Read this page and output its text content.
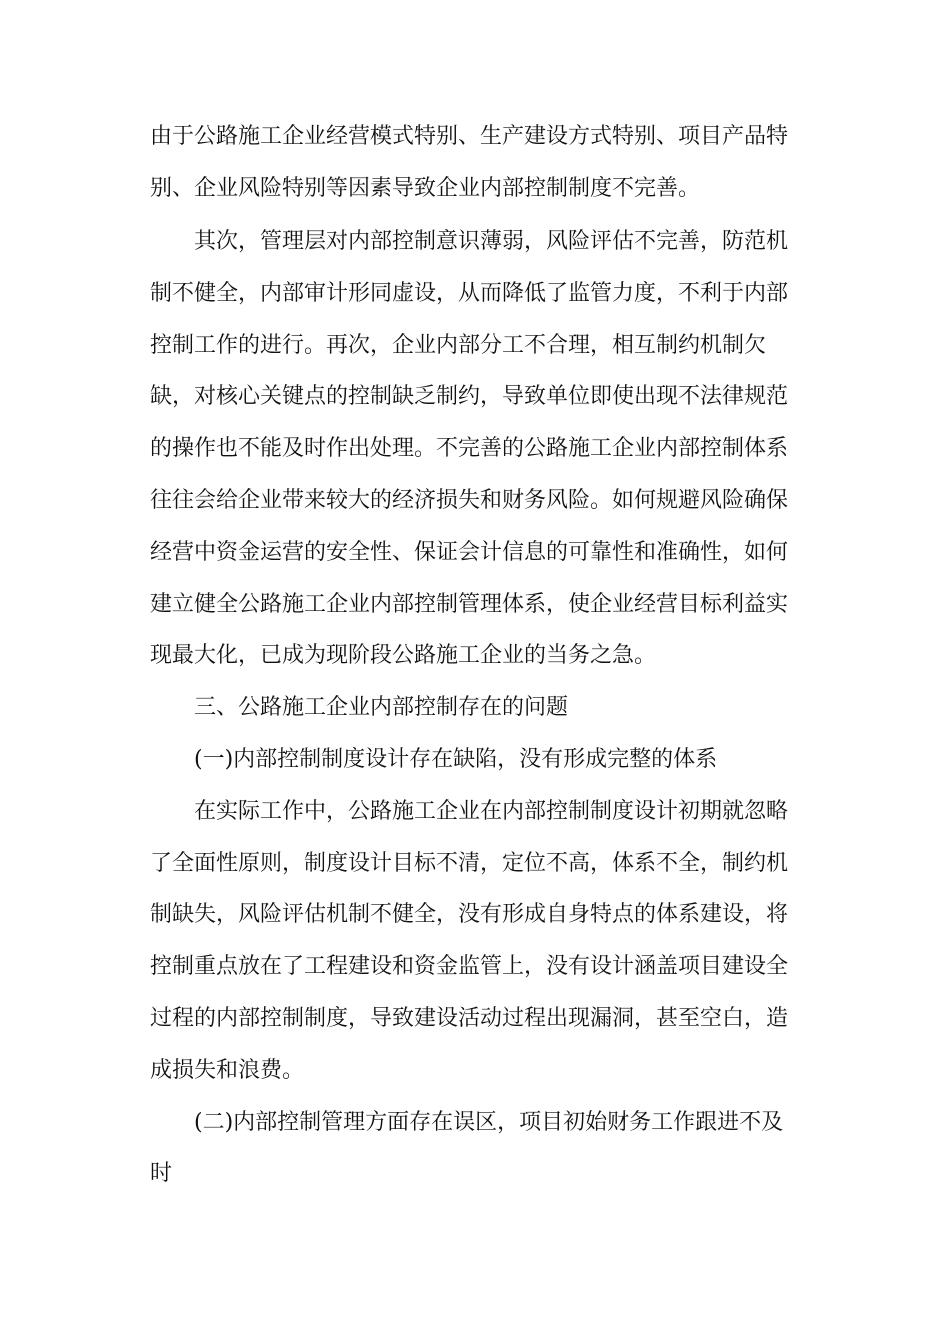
由于公路施工企业经营模式特别、生产建设方式特别、项目产品特

别、企业风险特别等因素导致企业内部控制制度不完善。

其次，管理层对内部控制意识薄弱，风险评估不完善，防范机

制不健全，内部审计形同虚设，从而降低了监管力度，不利于内部

控制工作的进行。再次，企业内部分工不合理，相互制约机制欠

缺，对核心关键点的控制缺乏制约，导致单位即使出现不法律规范

的操作也不能及时作出处理。不完善的公路施工企业内部控制体系

往往会给企业带来较大的经济损失和财务风险。如何规避风险确保

经营中资金运营的安全性、保证会计信息的可靠性和准确性，如何

建立健全公路施工企业内部控制管理体系，使企业经营目标利益实

现最大化，已成为现阶段公路施工企业的当务之急。

三、公路施工企业内部控制存在的问题

(一)内部控制制度设计存在缺陷，没有形成完整的体系

在实际工作中，公路施工企业在内部控制制度设计初期就忽略

了全面性原则，制度设计目标不清，定位不高，体系不全，制约机

制缺失，风险评估机制不健全，没有形成自身特点的体系建设，将

控制重点放在了工程建设和资金监管上，没有设计涵盖项目建设全

过程的内部控制制度，导致建设活动过程出现漏洞，甚至空白，造

成损失和浪费。

(二)内部控制管理方面存在误区，项目初始财务工作跟进不及

时
